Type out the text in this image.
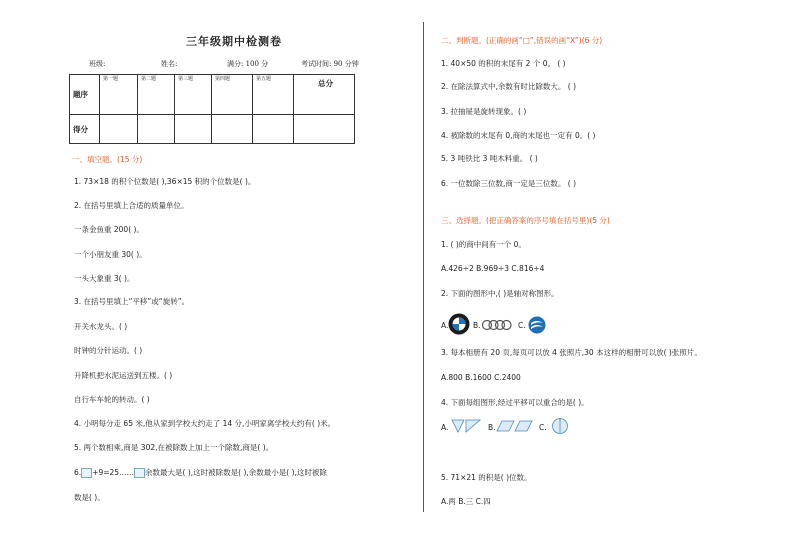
三年级期中检测卷
班级:	姓名:	满分: 100 分	考试时间: 90 分钟
题序	第一题	第二题	第三题	第四题	第五题	总分
得分						
一、填空题。(15 分)
1. 73×18 的积个位数是( ),36×15 积的个位数是( )。
2. 在括号里填上合适的质量单位。
一条金鱼重 200( )。
一个小朋友重 30( )。
一头大象重 3( )。
3. 在括号里填上“平移”或“旋转”。
开关水龙头。( )
时钟的分针运动。( )
升降机把水泥运送到五楼。( )
自行车车轮的转动。( )
4. 小明每分走 65 米,他从家到学校大约走了 14 分,小明家离学校大约有( )米。
5. 两个数相乘,商是 302,在被除数上加上一个除数,商是( )。
6. +9=25…… 余数最大是( ),这时被除数是( ),余数最小是( ),这时被除
数是( )。
二、判断题。(正确的画“□”,错误的画“X”)(6 分)
1. 40×50 的积的末尾有 2 个 0。 ( )
2. 在除法算式中,余数有时比除数大。 ( )
3. 拉抽屉是旋转现象。( )
4. 被除数的末尾有 0,商的末尾也一定有 0。( )
5. 3 吨铁比 3 吨木料重。 ( )
6. 一位数除三位数,商一定是三位数。 ( )
三、选择题。(把正确答案的序号填在括号里)(5 分)
1. ( )的商中间有一个 0。
A.426÷2 B.969÷3 C.816÷4
2. 下面的图形中,( )是轴对称图形。
A.	B.	C.
3. 每本相册有 20 页,每页可以放 4 张照片,30 本这样的相册可以放( )张照片。
A.800 B.1600 C.2400
4. 下面每组图形,经过平移可以重合的是( )。
A.	B.	C.
5. 71×21 的积是( )位数。
A.两 B.三 C.四
